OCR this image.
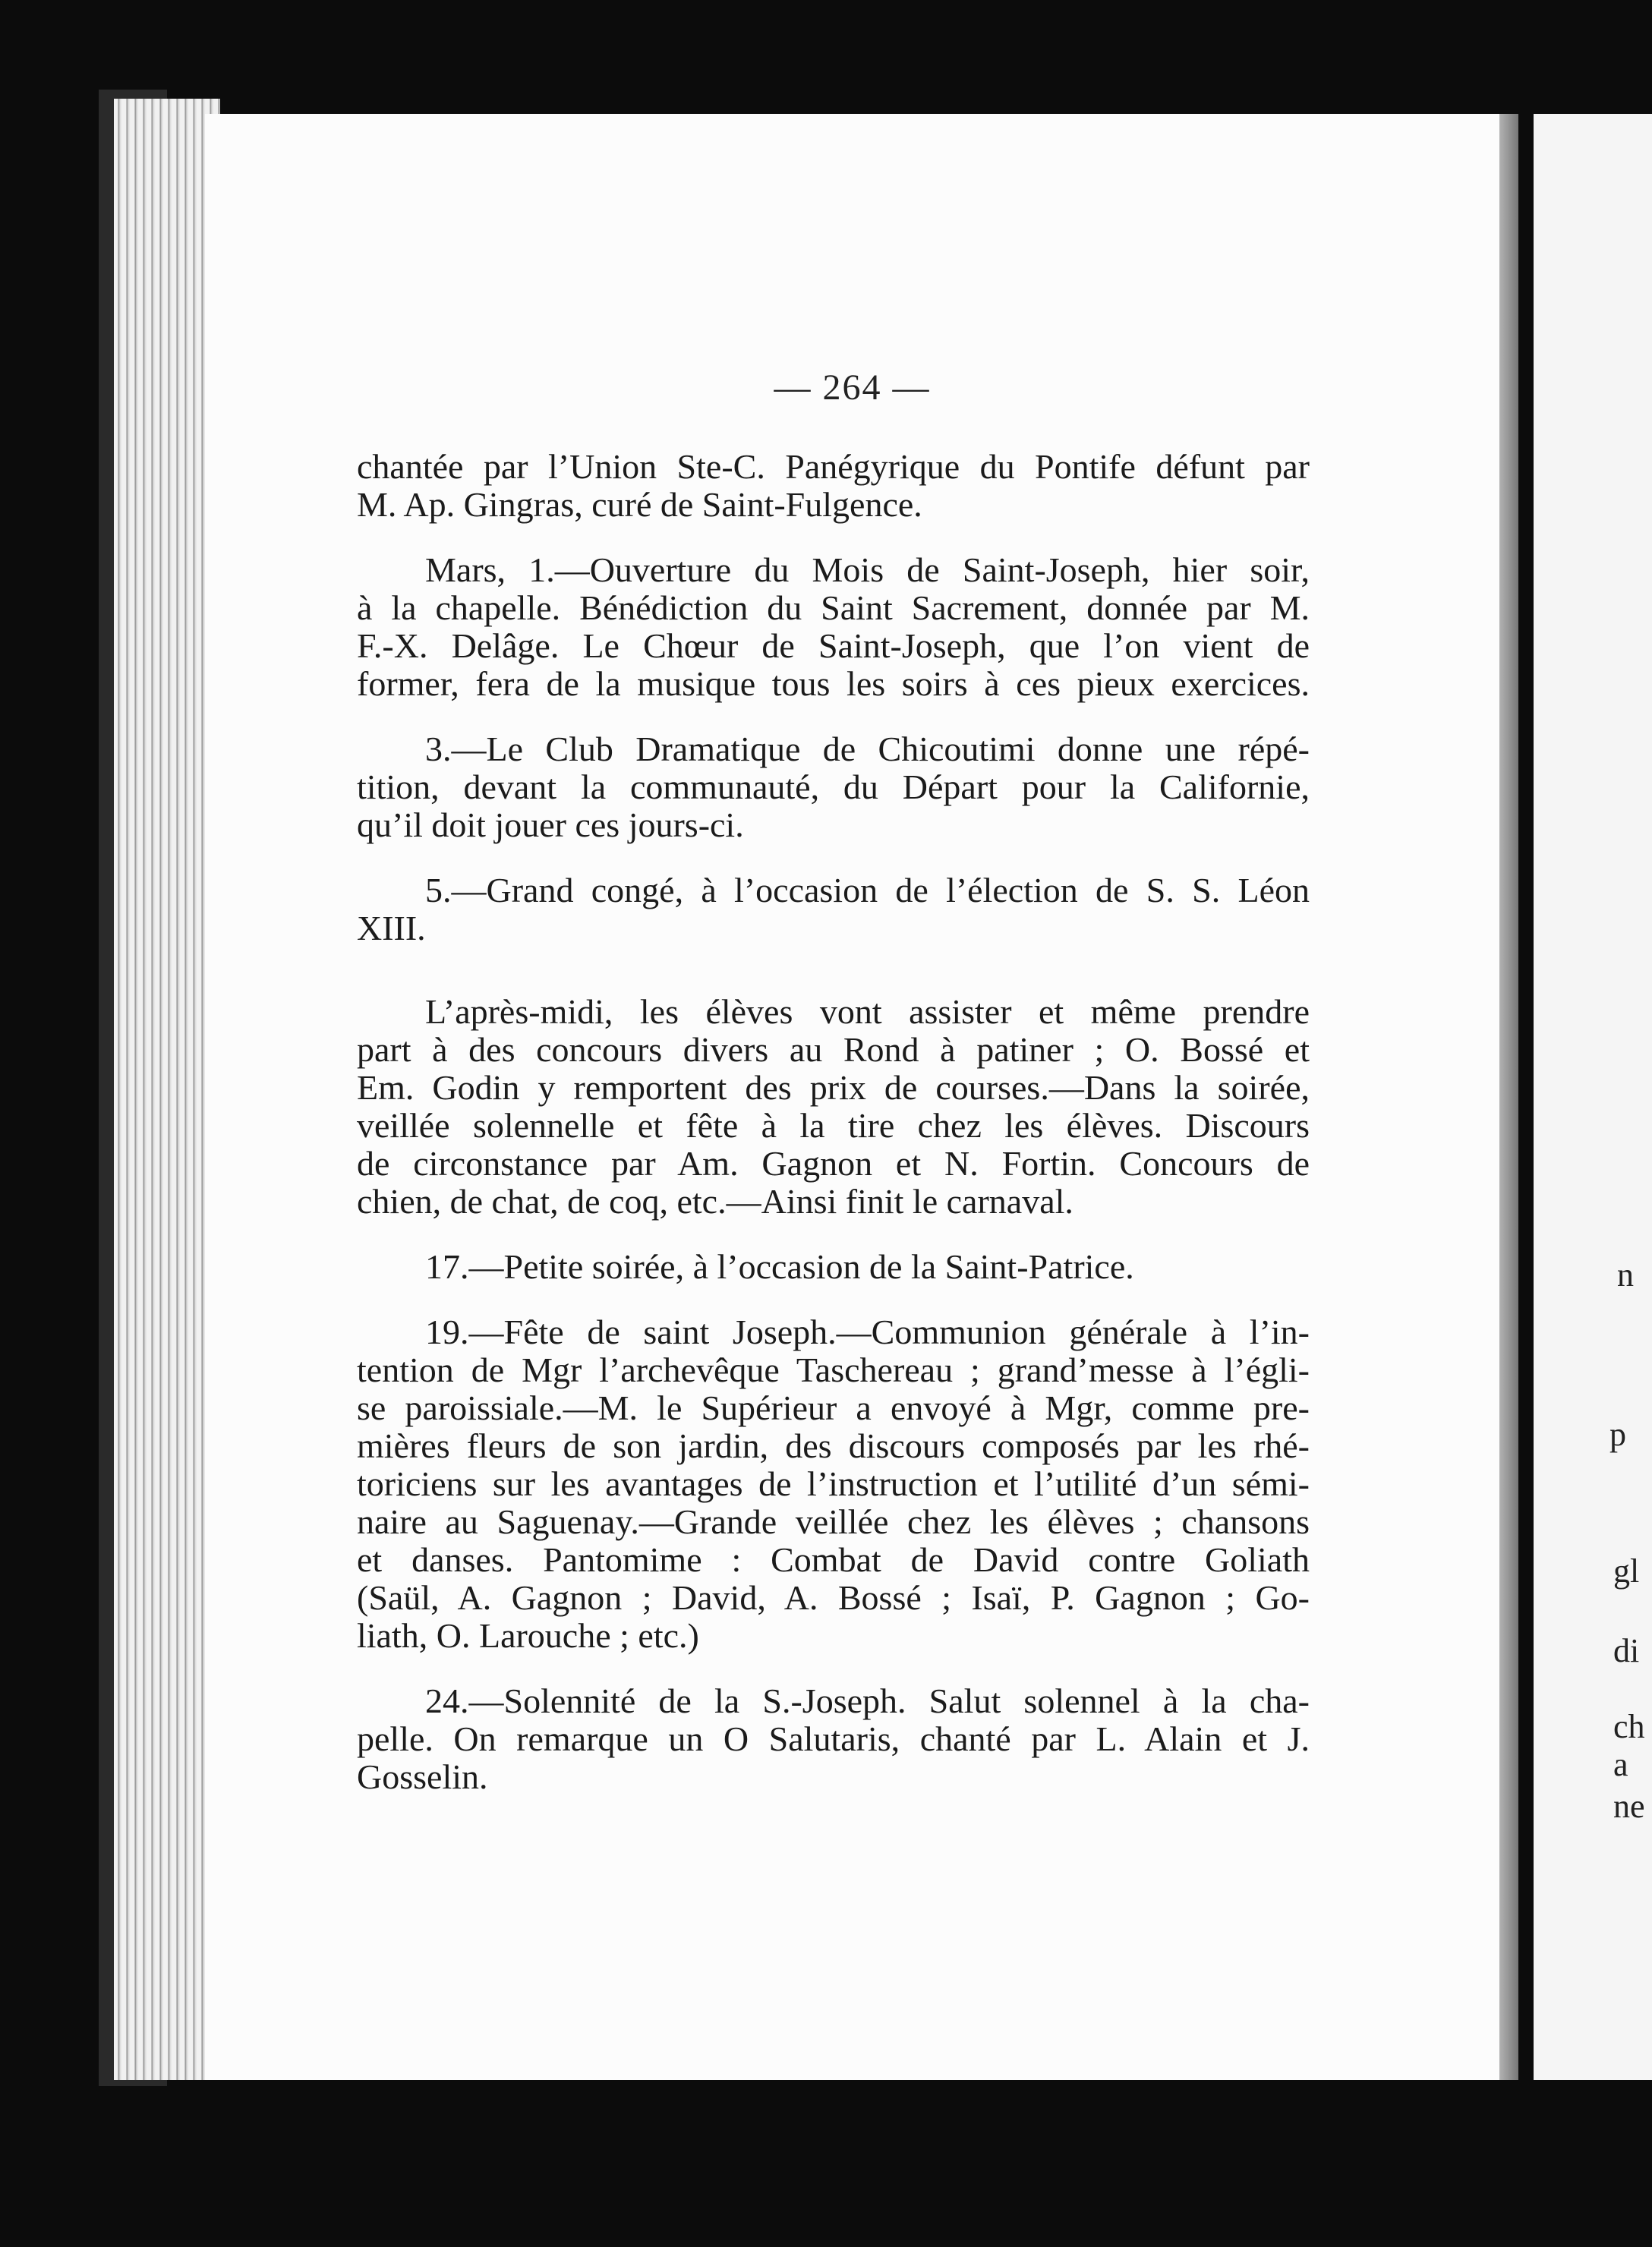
n
p
gl
di
ch
a
ne
— 264 —
chantée par l’Union Ste-C. Panégyrique du Pontife défunt par
M. Ap. Gingras, curé de Saint-Fulgence.
Mars, 1.—Ouverture du Mois de Saint-Joseph, hier soir,
à la chapelle. Bénédiction du Saint Sacrement, donnée par M.
F.-X. Delâge. Le Chœur de Saint-Joseph, que l’on vient de
former, fera de la musique tous les soirs à ces pieux exercices.
3.—Le Club Dramatique de Chicoutimi donne une répé-
tition, devant la communauté, du Départ pour la Californie,
qu’il doit jouer ces jours-ci.
5.—Grand congé, à l’occasion de l’élection de S. S. Léon
XIII.
L’après-midi, les élèves vont assister et même prendre
part à des concours divers au Rond à patiner ; O. Bossé et
Em. Godin y remportent des prix de courses.—Dans la soirée,
veillée solennelle et fête à la tire chez les élèves. Discours
de circonstance par Am. Gagnon et N. Fortin. Concours de
chien, de chat, de coq, etc.—Ainsi finit le carnaval.
17.—Petite soirée, à l’occasion de la Saint-Patrice.
19.—Fête de saint Joseph.—Communion générale à l’in-
tention de Mgr l’archevêque Taschereau ; grand’messe à l’égli-
se paroissiale.—M. le Supérieur a envoyé à Mgr, comme pre-
mières fleurs de son jardin, des discours composés par les rhé-
toriciens sur les avantages de l’instruction et l’utilité d’un sémi-
naire au Saguenay.—Grande veillée chez les élèves ; chansons
et danses. Pantomime : Combat de David contre Goliath
(Saül, A. Gagnon ; David, A. Bossé ; Isaï, P. Gagnon ; Go-
liath, O. Larouche ; etc.)
24.—Solennité de la S.-Joseph. Salut solennel à la cha-
pelle. On remarque un O Salutaris, chanté par L. Alain et J.
Gosselin.
